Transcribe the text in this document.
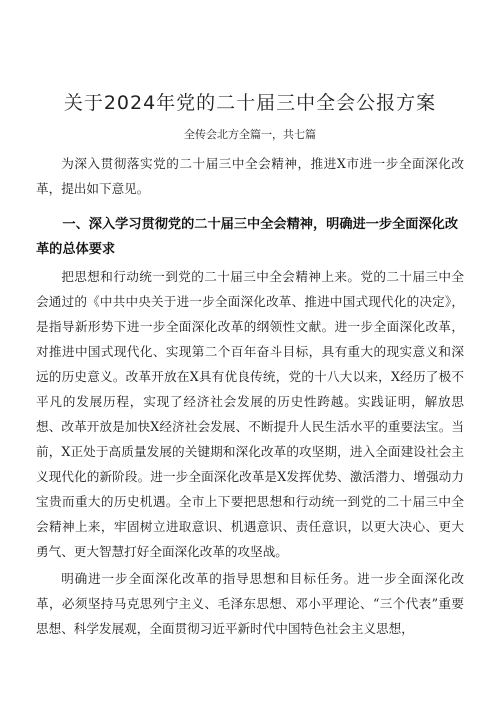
关于2024年党的二十届三中全会公报方案

全传会北方全篇一，共七篇

为深入贯彻落实党的二十届三中全会精神，推进X市进一步全面深化改革，提出如下意见。

一、深入学习贯彻党的二十届三中全会精神，明确进一步全面深化改革的总体要求

把思想和行动统一到党的二十届三中全会精神上来。党的二十届三中全会通过的《中共中央关于进一步全面深化改革、推进中国式现代化的决定》，是指导新形势下进一步全面深化改革的纲领性文献。进一步全面深化改革，对推进中国式现代化、实现第二个百年奋斗目标，具有重大的现实意义和深远的历史意义。改革开放在X具有优良传统，党的十八大以来，X经历了极不平凡的发展历程，实现了经济社会发展的历史性跨越。实践证明，解放思想、改革开放是加快X经济社会发展、不断提升人民生活水平的重要法宝。当前，X正处于高质量发展的关键期和深化改革的攻坚期，进入全面建设社会主义现代化的新阶段。进一步全面深化改革是X发挥优势、激活潜力、增强动力宝贵而重大的历史机遇。全市上下要把思想和行动统一到党的二十届三中全会精神上来，牢固树立进取意识、机遇意识、责任意识，以更大决心、更大勇气、更大智慧打好全面深化改革的攻坚战。

明确进一步全面深化改革的指导思想和目标任务。进一步全面深化改革，必须坚持马克思列宁主义、毛泽东思想、邓小平理论、“三个代表”重要思想、科学发展观，全面贯彻习近平新时代中国特色社会主义思想，
